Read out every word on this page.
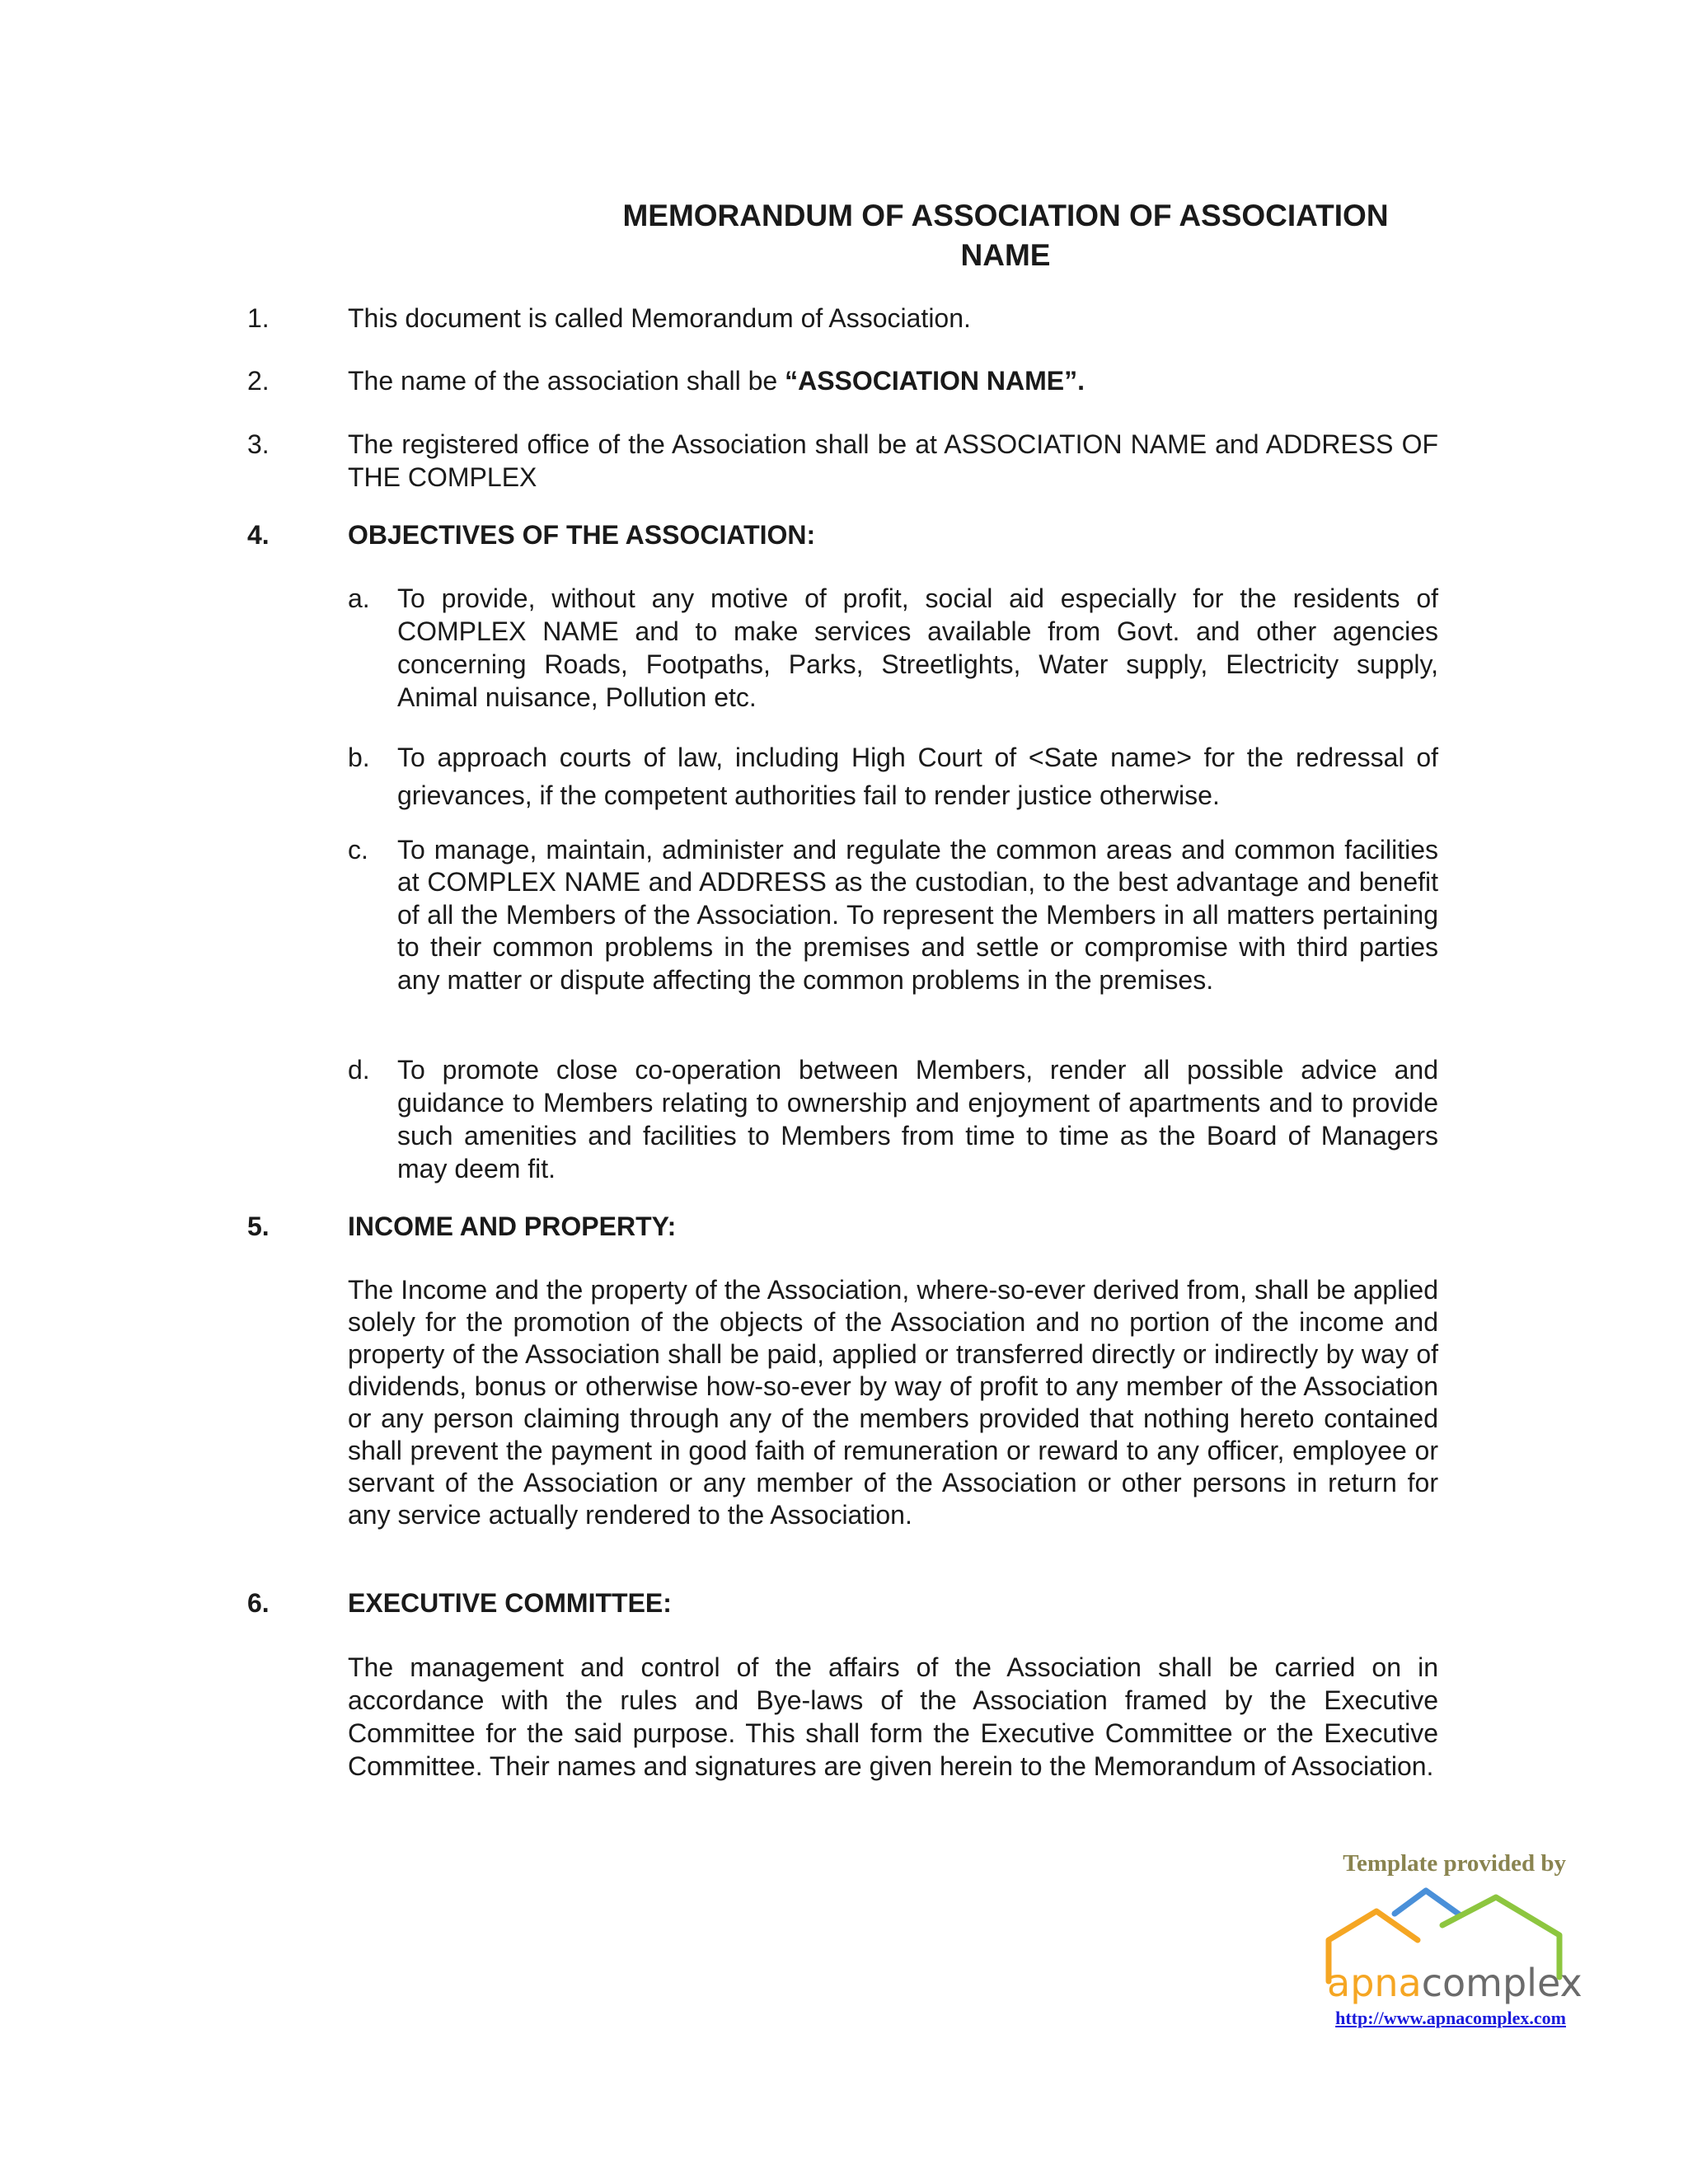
MEMORANDUM OF ASSOCIATION OF ASSOCIATION
NAME
1.	This document is called Memorandum of Association.
2.	The name of the association shall be “ASSOCIATION NAME”.
3.	The registered office of the Association shall be at ASSOCIATION NAME and ADDRESS OF THE COMPLEX
4.	OBJECTIVES OF THE ASSOCIATION:
a. To provide, without any motive of profit, social aid especially for the residents of COMPLEX NAME and to make services available from Govt. and other agencies concerning Roads, Footpaths, Parks, Streetlights, Water supply, Electricity supply, Animal nuisance, Pollution etc.
b. To approach courts of law, including High Court of <Sate name> for the redressal of grievances, if the competent authorities fail to render justice otherwise.
c. To manage, maintain, administer and regulate the common areas and common facilities at COMPLEX NAME and ADDRESS as the custodian, to the best advantage and benefit of all the Members of the Association. To represent the Members in all matters pertaining to their common problems in the premises and settle or compromise with third parties any matter or dispute affecting the common problems in the premises.
d. To promote close co-operation between Members, render all possible advice and guidance to Members relating to ownership and enjoyment of apartments and to provide such amenities and facilities to Members from time to time as the Board of Managers may deem fit.
5.	INCOME AND PROPERTY:
The Income and the property of the Association, where-so-ever derived from, shall be applied solely for the promotion of the objects of the Association and no portion of the income and property of the Association shall be paid, applied or transferred directly or indirectly by way of dividends, bonus or otherwise how-so-ever by way of profit to any member of the Association or any person claiming through any of the members provided that nothing hereto contained shall prevent the payment in good faith of remuneration or reward to any officer, employee or servant of the Association or any member of the Association or other persons in return for any service actually rendered to the Association.
6.	EXECUTIVE COMMITTEE:
The management and control of the affairs of the Association shall be carried on in accordance with the rules and Bye-laws of the Association framed by the Executive Committee for the said purpose. This shall form the Executive Committee or the Executive Committee. Their names and signatures are given herein to the Memorandum of Association.
Template provided by
apnacomplex
http://www.apnacomplex.com
